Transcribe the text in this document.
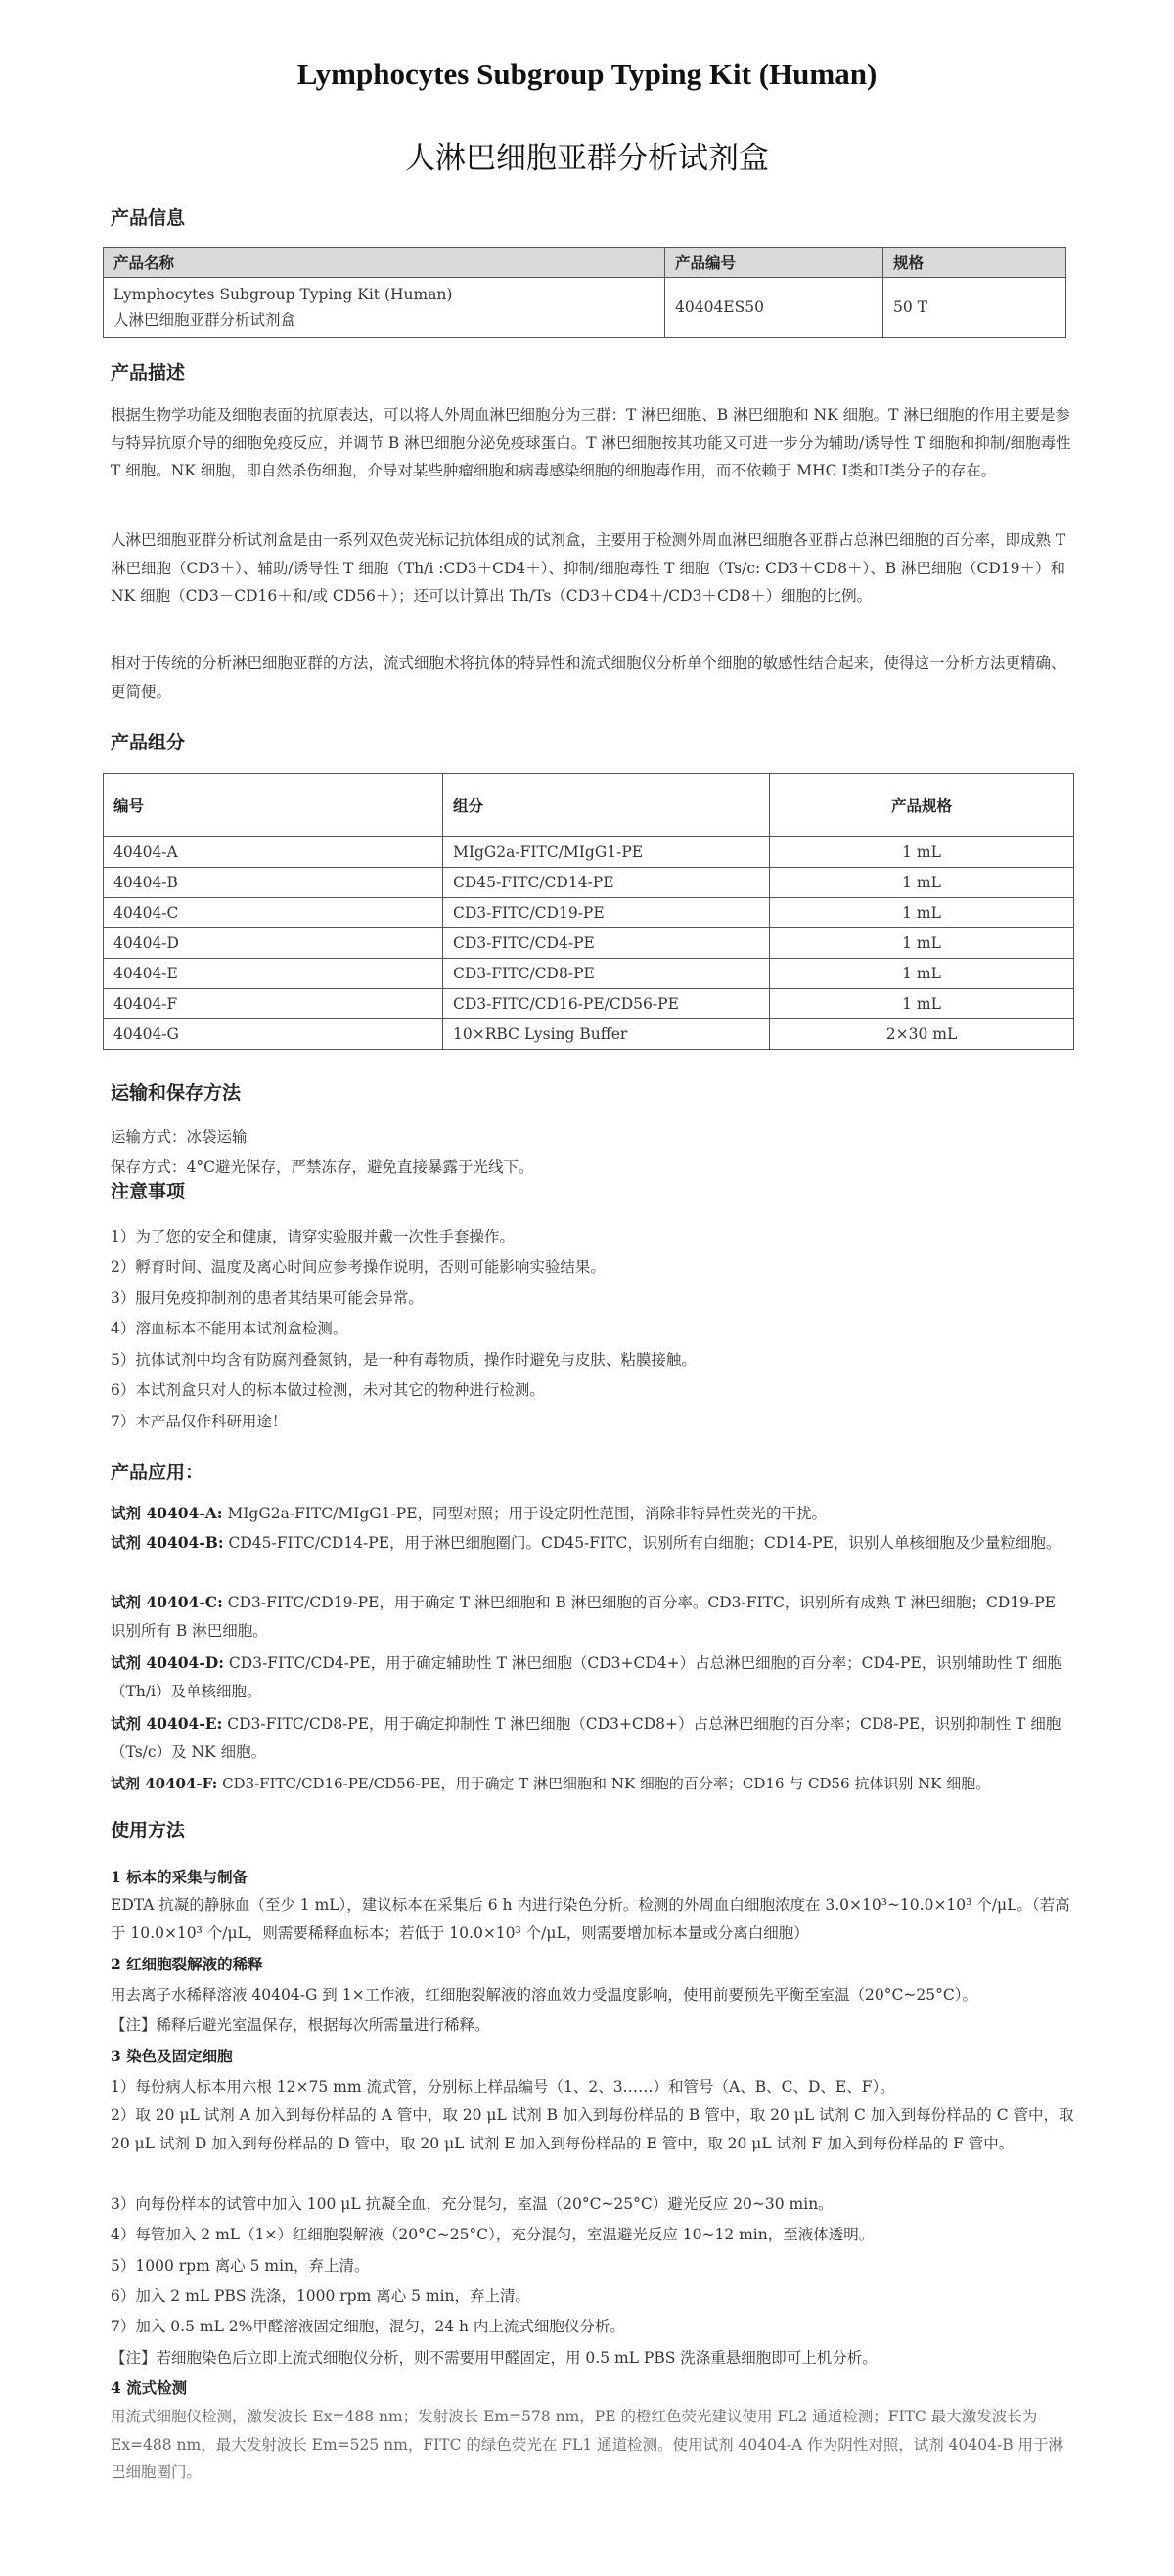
Lymphocytes Subgroup Typing Kit (Human)
人淋巴细胞亚群分析试剂盒
产品信息
产品名称	产品编号	规格

Lymphocytes Subgroup Typing Kit (Human)
人淋巴细胞亚群分析试剂盒	40404ES50	50 T
产品描述
根据生物学功能及细胞表面的抗原表达，可以将人外周血淋巴细胞分为三群：T 淋巴细胞、B 淋巴细胞和 NK 细胞。T 淋巴细胞的作用主要是参与特异抗原介导的细胞免疫反应，并调节 B 淋巴细胞分泌免疫球蛋白。T 淋巴细胞按其功能又可进一步分为辅助/诱导性 T 细胞和抑制/细胞毒性 T 细胞。NK 细胞，即自然杀伤细胞，介导对某些肿瘤细胞和病毒感染细胞的细胞毒作用，而不依赖于 MHC I类和II类分子的存在。
人淋巴细胞亚群分析试剂盒是由一系列双色荧光标记抗体组成的试剂盒，主要用于检测外周血淋巴细胞各亚群占总淋巴细胞的百分率，即成熟 T 淋巴细胞（CD3＋）、辅助/诱导性 T 细胞（Th/i :CD3＋CD4＋）、抑制/细胞毒性 T 细胞（Ts/c: CD3＋CD8＋）、B 淋巴细胞（CD19＋）和 NK 细胞（CD3－CD16＋和/或 CD56＋）；还可以计算出 Th/Ts（CD3＋CD4＋/CD3＋CD8＋）细胞的比例。
相对于传统的分析淋巴细胞亚群的方法，流式细胞术将抗体的特异性和流式细胞仪分析单个细胞的敏感性结合起来，使得这一分析方法更精确、更简便。
产品组分
编号	组分	产品规格
40404-A	MIgG2a-FITC/MIgG1-PE	1 mL
40404-B	CD45-FITC/CD14-PE	1 mL
40404-C	CD3-FITC/CD19-PE	1 mL
40404-D	CD3-FITC/CD4-PE	1 mL
40404-E	CD3-FITC/CD8-PE	1 mL
40404-F	CD3-FITC/CD16-PE/CD56-PE	1 mL
40404-G	10×RBC Lysing Buffer	2×30 mL
运输和保存方法
运输方式：冰袋运输
保存方式：4°C避光保存，严禁冻存，避免直接暴露于光线下。
注意事项
1）为了您的安全和健康，请穿实验服并戴一次性手套操作。
2）孵育时间、温度及离心时间应参考操作说明，否则可能影响实验结果。
3）服用免疫抑制剂的患者其结果可能会异常。
4）溶血标本不能用本试剂盒检测。
5）抗体试剂中均含有防腐剂叠氮钠，是一种有毒物质，操作时避免与皮肤、粘膜接触。
6）本试剂盒只对人的标本做过检测，未对其它的物种进行检测。
7）本产品仅作科研用途！
产品应用：
试剂 40404-A: MIgG2a-FITC/MIgG1-PE，同型对照；用于设定阴性范围，消除非特异性荧光的干扰。
试剂 40404-B: CD45-FITC/CD14-PE，用于淋巴细胞圈门。CD45-FITC，识别所有白细胞；CD14-PE，识别人单核细胞及少量粒细胞。
试剂 40404-C: CD3-FITC/CD19-PE，用于确定 T 淋巴细胞和 B 淋巴细胞的百分率。CD3-FITC，识别所有成熟 T 淋巴细胞；CD19-PE 识别所有 B 淋巴细胞。
试剂 40404-D: CD3-FITC/CD4-PE，用于确定辅助性 T 淋巴细胞（CD3+CD4+）占总淋巴细胞的百分率；CD4-PE，识别辅助性 T 细胞（Th/i）及单核细胞。
试剂 40404-E: CD3-FITC/CD8-PE，用于确定抑制性 T 淋巴细胞（CD3+CD8+）占总淋巴细胞的百分率；CD8-PE，识别抑制性 T 细胞（Ts/c）及 NK 细胞。
试剂 40404-F: CD3-FITC/CD16-PE/CD56-PE，用于确定 T 淋巴细胞和 NK 细胞的百分率；CD16 与 CD56 抗体识别 NK 细胞。
使用方法
1 标本的采集与制备
EDTA 抗凝的静脉血（至少 1 mL），建议标本在采集后 6 h 内进行染色分析。检测的外周血白细胞浓度在 3.0×10³~10.0×10³ 个/μL。（若高于 10.0×10³ 个/μL，则需要稀释血标本；若低于 10.0×10³ 个/μL，则需要增加标本量或分离白细胞）
2 红细胞裂解液的稀释
用去离子水稀释溶液 40404-G 到 1×工作液，红细胞裂解液的溶血效力受温度影响，使用前要预先平衡至室温（20°C~25°C）。
【注】稀释后避光室温保存，根据每次所需量进行稀释。
3 染色及固定细胞
1）每份病人标本用六根 12×75 mm 流式管，分别标上样品编号（1、2、3……）和管号（A、B、C、D、E、F）。
2）取 20 μL 试剂 A 加入到每份样品的 A 管中，取 20 μL 试剂 B 加入到每份样品的 B 管中，取 20 μL 试剂 C 加入到每份样品的 C 管中，取 20 μL 试剂 D 加入到每份样品的 D 管中，取 20 μL 试剂 E 加入到每份样品的 E 管中，取 20 μL 试剂 F 加入到每份样品的 F 管中。
3）向每份样本的试管中加入 100 μL 抗凝全血，充分混匀，室温（20°C~25°C）避光反应 20~30 min。
4）每管加入 2 mL（1×）红细胞裂解液（20°C~25°C），充分混匀，室温避光反应 10~12 min，至液体透明。
5）1000 rpm 离心 5 min，弃上清。
6）加入 2 mL PBS 洗涤，1000 rpm 离心 5 min，弃上清。
7）加入 0.5 mL 2%甲醛溶液固定细胞，混匀，24 h 内上流式细胞仪分析。
【注】若细胞染色后立即上流式细胞仪分析，则不需要用甲醛固定，用 0.5 mL PBS 洗涤重悬细胞即可上机分析。
4 流式检测
用流式细胞仪检测，激发波长 Ex=488 nm；发射波长 Em=578 nm，PE 的橙红色荧光建议使用 FL2 通道检测；FITC 最大激发波长为 Ex=488 nm，最大发射波长 Em=525 nm，FITC 的绿色荧光在 FL1 通道检测。使用试剂 40404-A 作为阴性对照，试剂 40404-B 用于淋巴细胞圈门。
